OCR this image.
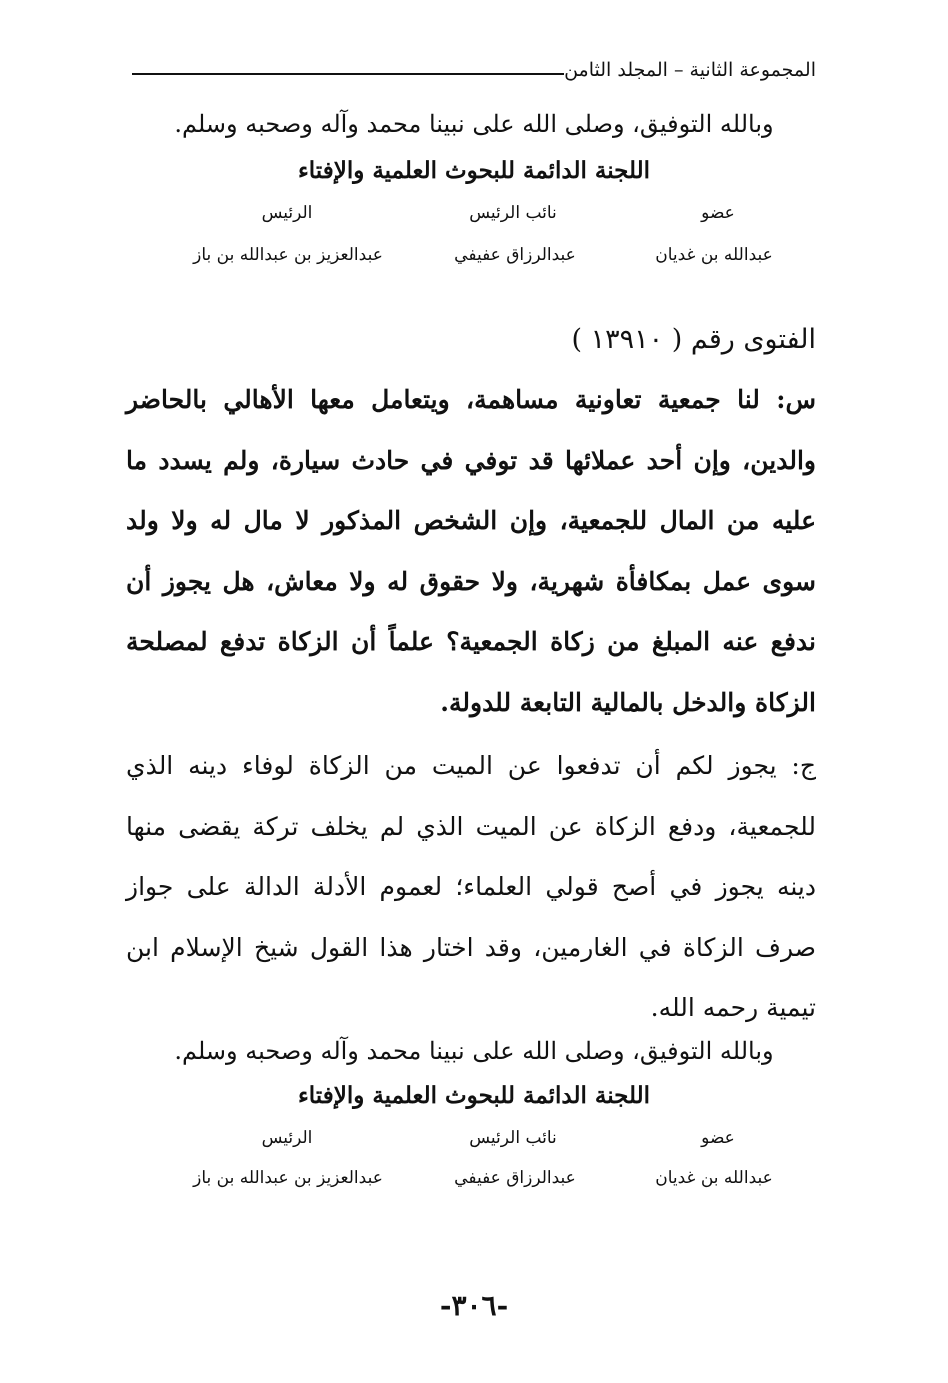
المجموعة الثانية – المجلد الثامن
وبالله التوفيق، وصلى الله على نبينا محمد وآله وصحبه وسلم.
اللجنة الدائمة للبحوث العلمية والإفتاء
عضو
نائب الرئيس
الرئيس
عبدالله بن غديان
عبدالرزاق عفيفي
عبدالعزيز بن عبدالله بن باز
الفتوى رقم ( ١٣٩١٠ )
س: لنا جمعية تعاونية مساهمة، ويتعامل معها الأهالي بالحاضر والدين، وإن أحد عملائها قد توفي في حادث سيارة، ولم يسدد ما عليه من المال للجمعية، وإن الشخص المذكور لا مال له ولا ولد سوى عمل بمكافأة شهرية، ولا حقوق له ولا معاش، هل يجوز أن ندفع عنه المبلغ من زكاة الجمعية؟ علماً أن الزكاة تدفع لمصلحة الزكاة والدخل بالمالية التابعة للدولة.
ج: يجوز لكم أن تدفعوا عن الميت من الزكاة لوفاء دينه الذي للجمعية، ودفع الزكاة عن الميت الذي لم يخلف تركة يقضى منها دينه يجوز في أصح قولي العلماء؛ لعموم الأدلة الدالة على جواز صرف الزكاة في الغارمين، وقد اختار هذا القول شيخ الإسلام ابن تيمية رحمه الله.
وبالله التوفيق، وصلى الله على نبينا محمد وآله وصحبه وسلم.
اللجنة الدائمة للبحوث العلمية والإفتاء
عضو
نائب الرئيس
الرئيس
عبدالله بن غديان
عبدالرزاق عفيفي
عبدالعزيز بن عبدالله بن باز
-٣٠٦-
